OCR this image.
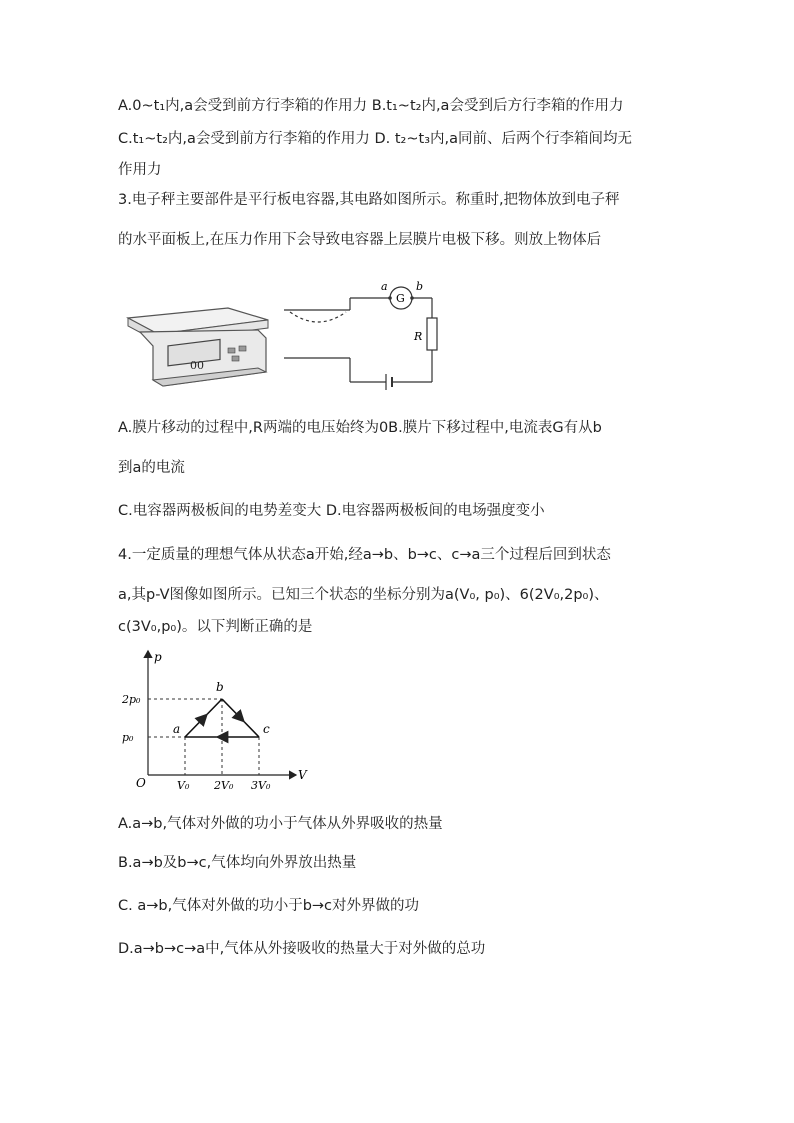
A.0~t₁内,a会受到前方行李箱的作用力 B.t₁~t₂内,a会受到后方行李箱的作用力
C.t₁~t₂内,a会受到前方行李箱的作用力 D. t₂~t₃内,a同前、后两个行李箱间均无
作用力
3.电子秤主要部件是平行板电容器,其电路如图所示。称重时,把物体放到电子秤
的水平面板上,在压力作用下会导致电容器上层膜片电极下移。则放上物体后
00
a	b
G
R
A.膜片移动的过程中,R两端的电压始终为0B.膜片下移过程中,电流表G有从b
到a的电流
C.电容器两极板间的电势差变大 D.电容器两极板间的电场强度变小
4.一定质量的理想气体从状态a开始,经a→b、b→c、c→a三个过程后回到状态
a,其p-V图像如图所示。已知三个状态的坐标分别为a(V₀, p₀)、6(2V₀,2p₀)、
c(3V₀,p₀)。以下判断正确的是
O
V
p
a
b
c
V₀ 2V₀ 3V₀
p₀
2p₀
A.a→b,气体对外做的功小于气体从外界吸收的热量
B.a→b及b→c,气体均向外界放出热量
C. a→b,气体对外做的功小于b→c对外界做的功
D.a→b→c→a中,气体从外接吸收的热量大于对外做的总功
